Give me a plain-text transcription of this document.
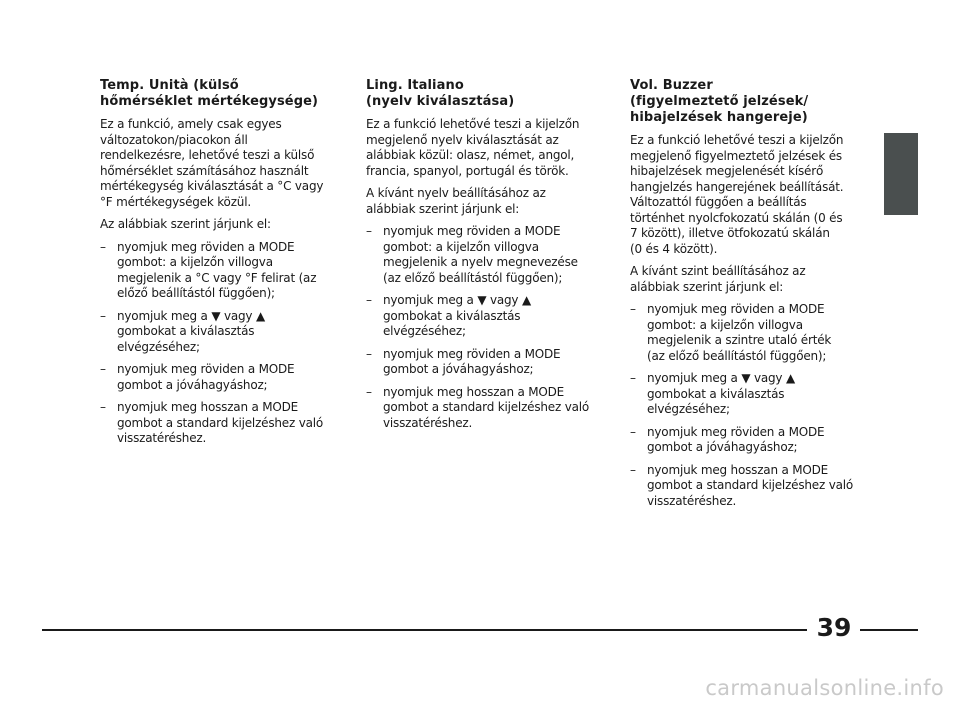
Temp. Unità (külső
hőmérséklet mértékegysége)
Ez a funkció, amely csak egyes
változatokon/piacokon áll
rendelkezésre, lehetővé teszi a külső
hőmérséklet számításához használt
mértékegység kiválasztását a °C vagy
°F mértékegységek közül.
Az alábbiak szerint járjunk el:
– nyomjuk meg röviden a MODE
gombot: a kijelzőn villogva
megjelenik a °C vagy °F felirat (az
előző beállítástól függően);
– nyomjuk meg a ▼ vagy ▲
gombokat a kiválasztás
elvégzéséhez;
– nyomjuk meg röviden a MODE
gombot a jóváhagyáshoz;
– nyomjuk meg hosszan a MODE
gombot a standard kijelzéshez való
visszatéréshez.
Ling. Italiano
(nyelv kiválasztása)
Ez a funkció lehetővé teszi a kijelzőn
megjelenő nyelv kiválasztását az
alábbiak közül: olasz, német, angol,
francia, spanyol, portugál és török.
A kívánt nyelv beállításához az
alábbiak szerint járjunk el:
– nyomjuk meg röviden a MODE
gombot: a kijelzőn villogva
megjelenik a nyelv megnevezése
(az előző beállítástól függően);
– nyomjuk meg a ▼ vagy ▲
gombokat a kiválasztás
elvégzéséhez;
– nyomjuk meg röviden a MODE
gombot a jóváhagyáshoz;
– nyomjuk meg hosszan a MODE
gombot a standard kijelzéshez való
visszatéréshez.
Vol. Buzzer
(figyelmeztető jelzések/
hibajelzések hangereje)
Ez a funkció lehetővé teszi a kijelzőn
megjelenő figyelmeztető jelzések és
hibajelzések megjelenését kísérő
hangjelzés hangerejének beállítását.
Változattól függően a beállítás
történhet nyolcfokozatú skálán (0 és
7 között), illetve ötfokozatú skálán
(0 és 4 között).
A kívánt szint beállításához az
alábbiak szerint járjunk el:
– nyomjuk meg röviden a MODE
gombot: a kijelzőn villogva
megjelenik a szintre utaló érték
(az előző beállítástól függően);
– nyomjuk meg a ▼ vagy ▲
gombokat a kiválasztás
elvégzéséhez;
– nyomjuk meg röviden a MODE
gombot a jóváhagyáshoz;
– nyomjuk meg hosszan a MODE
gombot a standard kijelzéshez való
visszatéréshez.
39
carmanualsonline.info
